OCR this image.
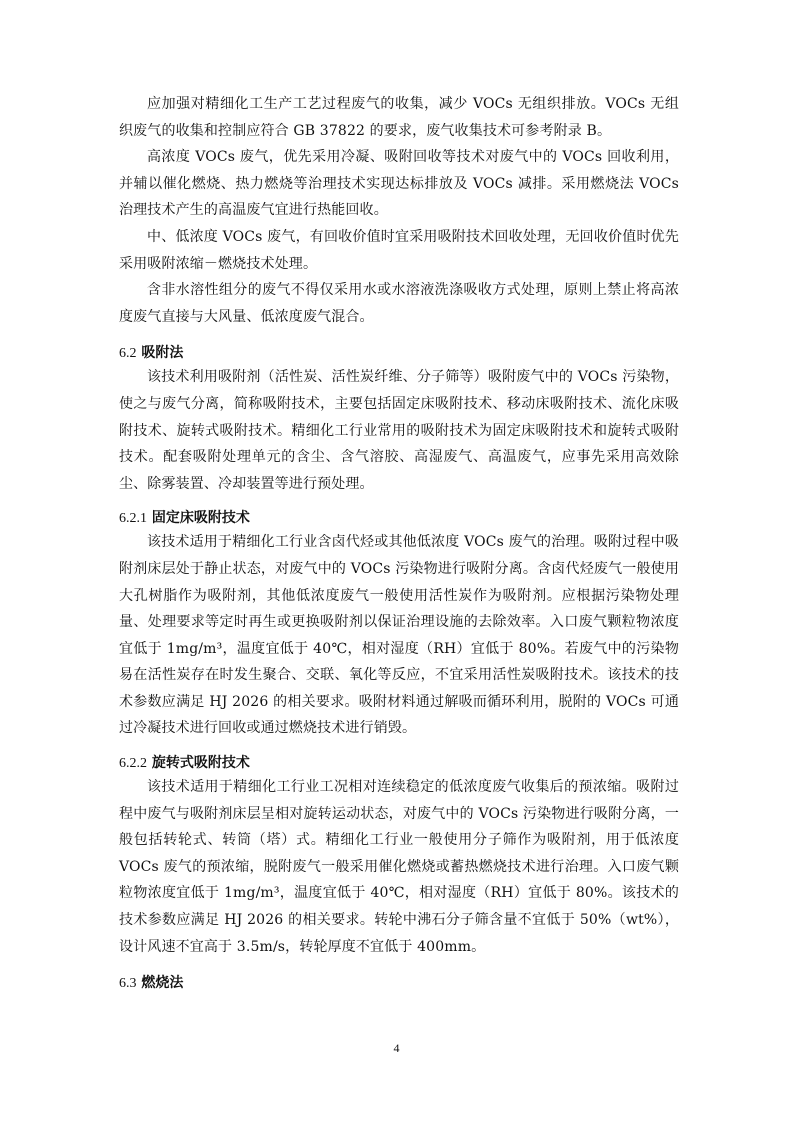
应加强对精细化工生产工艺过程废气的收集，减少 VOCs 无组织排放。VOCs 无组织废气的收集和控制应符合 GB 37822 的要求，废气收集技术可参考附录 B。

高浓度 VOCs 废气，优先采用冷凝、吸附回收等技术对废气中的 VOCs 回收利用，并辅以催化燃烧、热力燃烧等治理技术实现达标排放及 VOCs 减排。采用燃烧法 VOCs 治理技术产生的高温废气宜进行热能回收。

中、低浓度 VOCs 废气，有回收价值时宜采用吸附技术回收处理，无回收价值时优先采用吸附浓缩－燃烧技术处理。

含非水溶性组分的废气不得仅采用水或水溶液洗涤吸收方式处理，原则上禁止将高浓度废气直接与大风量、低浓度废气混合。

6.2 吸附法

该技术利用吸附剂（活性炭、活性炭纤维、分子筛等）吸附废气中的 VOCs 污染物，使之与废气分离，简称吸附技术，主要包括固定床吸附技术、移动床吸附技术、流化床吸附技术、旋转式吸附技术。精细化工行业常用的吸附技术为固定床吸附技术和旋转式吸附技术。配套吸附处理单元的含尘、含气溶胶、高湿废气、高温废气，应事先采用高效除尘、除雾装置、冷却装置等进行预处理。

6.2.1 固定床吸附技术

该技术适用于精细化工行业含卤代烃或其他低浓度 VOCs 废气的治理。吸附过程中吸附剂床层处于静止状态，对废气中的 VOCs 污染物进行吸附分离。含卤代烃废气一般使用大孔树脂作为吸附剂，其他低浓度废气一般使用活性炭作为吸附剂。应根据污染物处理量、处理要求等定时再生或更换吸附剂以保证治理设施的去除效率。入口废气颗粒物浓度宜低于 1mg/m³，温度宜低于 40℃，相对湿度（RH）宜低于 80%。若废气中的污染物易在活性炭存在时发生聚合、交联、氧化等反应，不宜采用活性炭吸附技术。该技术的技术参数应满足 HJ 2026 的相关要求。吸附材料通过解吸而循环利用，脱附的 VOCs 可通过冷凝技术进行回收或通过燃烧技术进行销毁。

6.2.2 旋转式吸附技术

该技术适用于精细化工行业工况相对连续稳定的低浓度废气收集后的预浓缩。吸附过程中废气与吸附剂床层呈相对旋转运动状态，对废气中的 VOCs 污染物进行吸附分离，一般包括转轮式、转筒（塔）式。精细化工行业一般使用分子筛作为吸附剂，用于低浓度 VOCs 废气的预浓缩，脱附废气一般采用催化燃烧或蓄热燃烧技术进行治理。入口废气颗粒物浓度宜低于 1mg/m³，温度宜低于 40℃，相对湿度（RH）宜低于 80%。该技术的技术参数应满足 HJ 2026 的相关要求。转轮中沸石分子筛含量不宜低于 50%（wt%），设计风速不宜高于 3.5m/s，转轮厚度不宜低于 400mm。

6.3 燃烧法

4
